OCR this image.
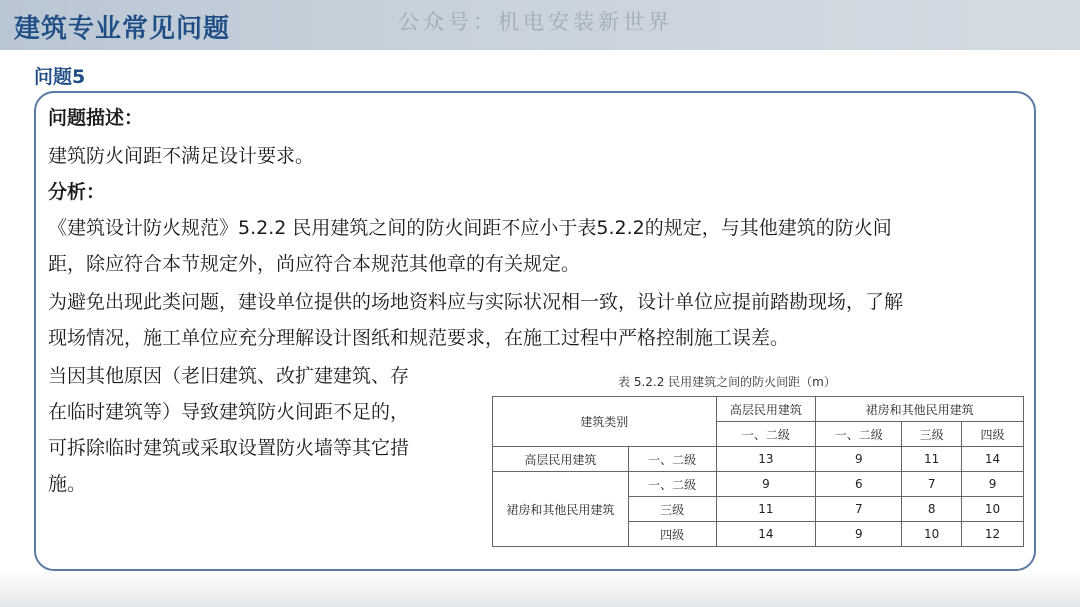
建筑专业常见问题	公众号：机电安装新世界
问题5
问题描述：
建筑防火间距不满足设计要求。
分析：
《建筑设计防火规范》5.2.2 民用建筑之间的防火间距不应小于表5.2.2的规定，与其他建筑的防火间
距，除应符合本节规定外，尚应符合本规范其他章的有关规定。
为避免出现此类问题，建设单位提供的场地资料应与实际状况相一致，设计单位应提前踏勘现场，了解
现场情况，施工单位应充分理解设计图纸和规范要求，在施工过程中严格控制施工误差。
当因其他原因（老旧建筑、改扩建建筑、存
在临时建筑等）导致建筑防火间距不足的，
可拆除临时建筑或采取设置防火墙等其它措
施。
表 5.2.2 民用建筑之间的防火间距（m）
建筑类别		高层民用建筑	裙房和其他民用建筑		
		一、二级	一、二级	三级	四级
高层民用建筑	一、二级	13	9	11	14
裙房和其他民用建筑	一、二级	9	6	7	9
	三级	11	7	8	10
	四级	14	9	10	12
